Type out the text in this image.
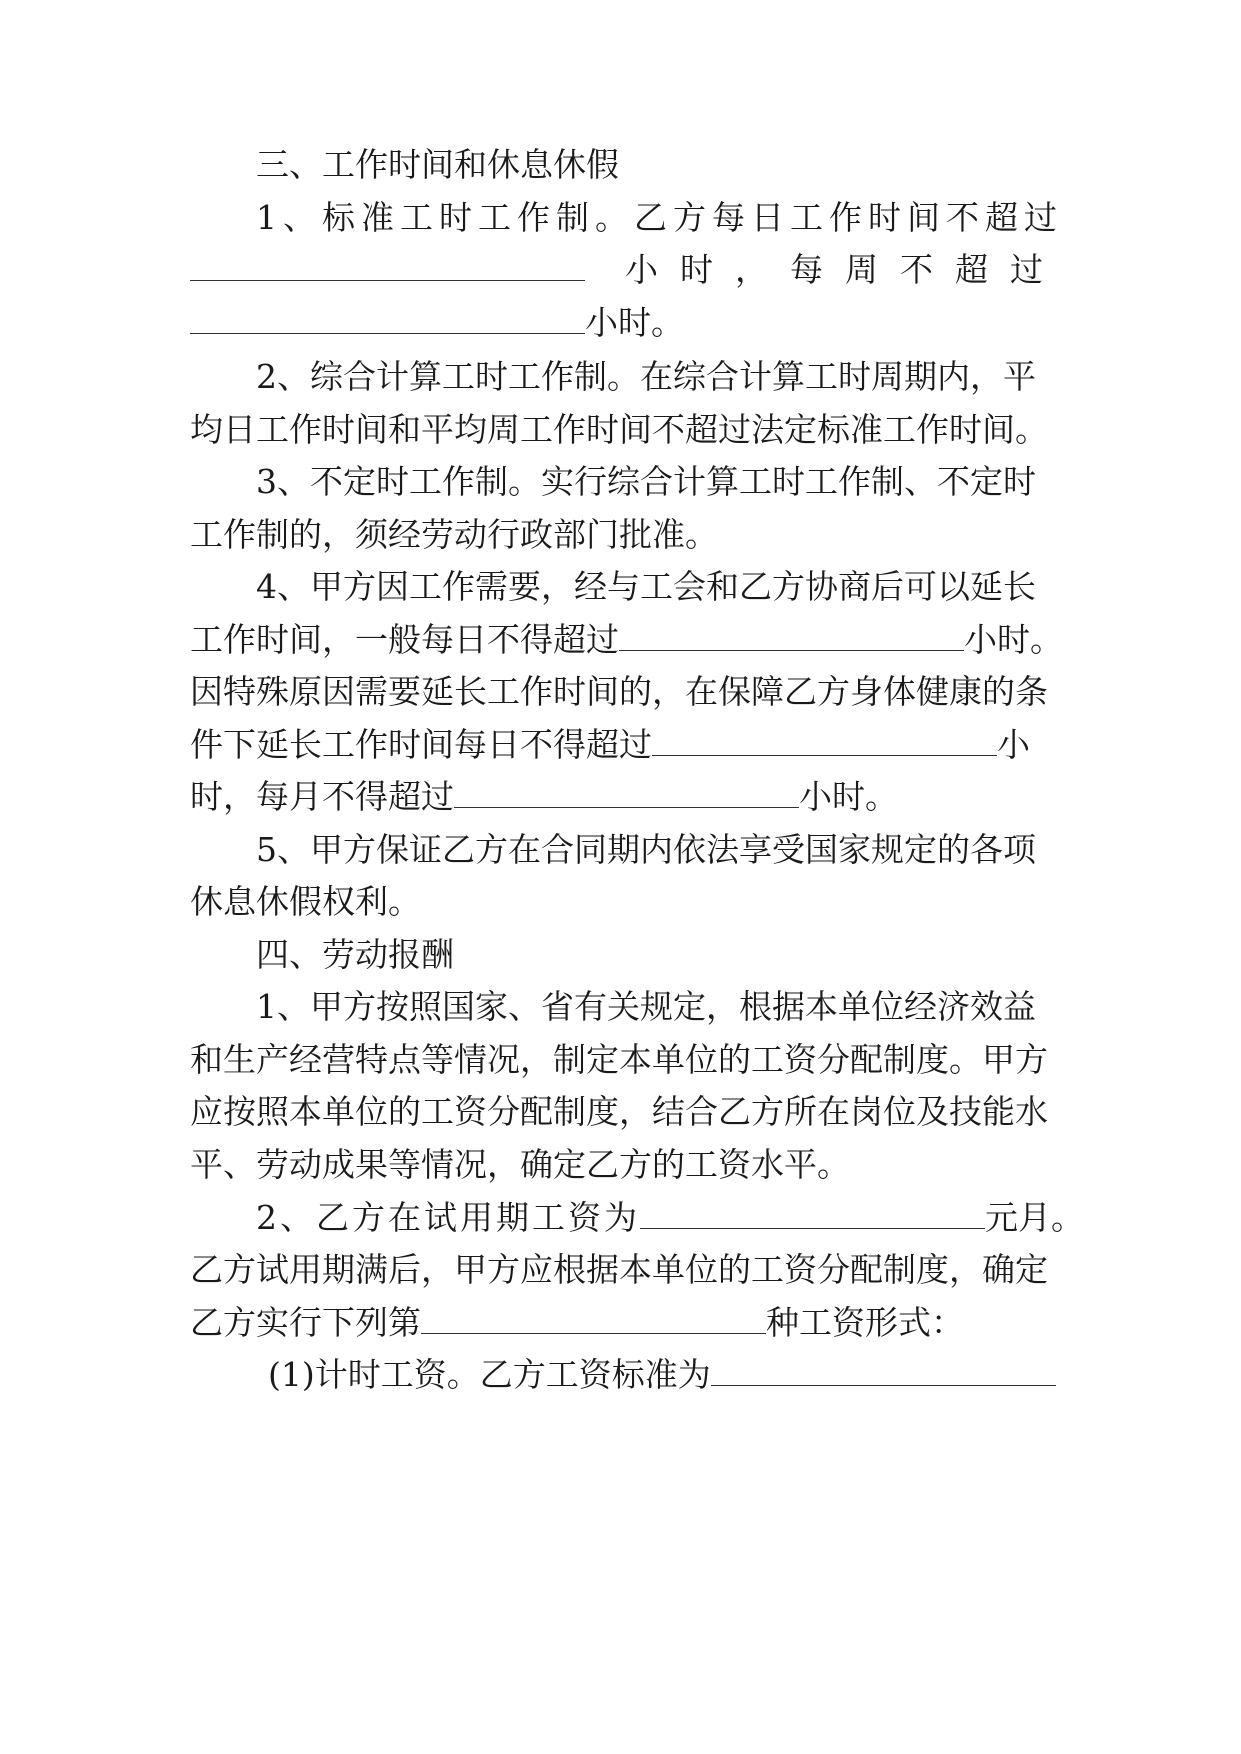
三、工作时间和休息休假
1、标准工时工作制。乙方每日工作时间不超过
小时，每周不超过
小时。
2、综合计算工时工作制。在综合计算工时周期内，平
均日工作时间和平均周工作时间不超过法定标准工作时间。
3、不定时工作制。实行综合计算工时工作制、不定时
工作制的，须经劳动行政部门批准。
4、甲方因工作需要，经与工会和乙方协商后可以延长
工作时间，一般每日不得超过	小时。
因特殊原因需要延长工作时间的，在保障乙方身体健康的条
件下延长工作时间每日不得超过	小
时，每月不得超过	小时。
5、甲方保证乙方在合同期内依法享受国家规定的各项
休息休假权利。
四、劳动报酬
1、甲方按照国家、省有关规定，根据本单位经济效益
和生产经营特点等情况，制定本单位的工资分配制度。甲方
应按照本单位的工资分配制度，结合乙方所在岗位及技能水
平、劳动成果等情况，确定乙方的工资水平。
2、乙方在试用期工资为	元月。
乙方试用期满后，甲方应根据本单位的工资分配制度，确定
乙方实行下列第	种工资形式：
(1)计时工资。乙方工资标准为
